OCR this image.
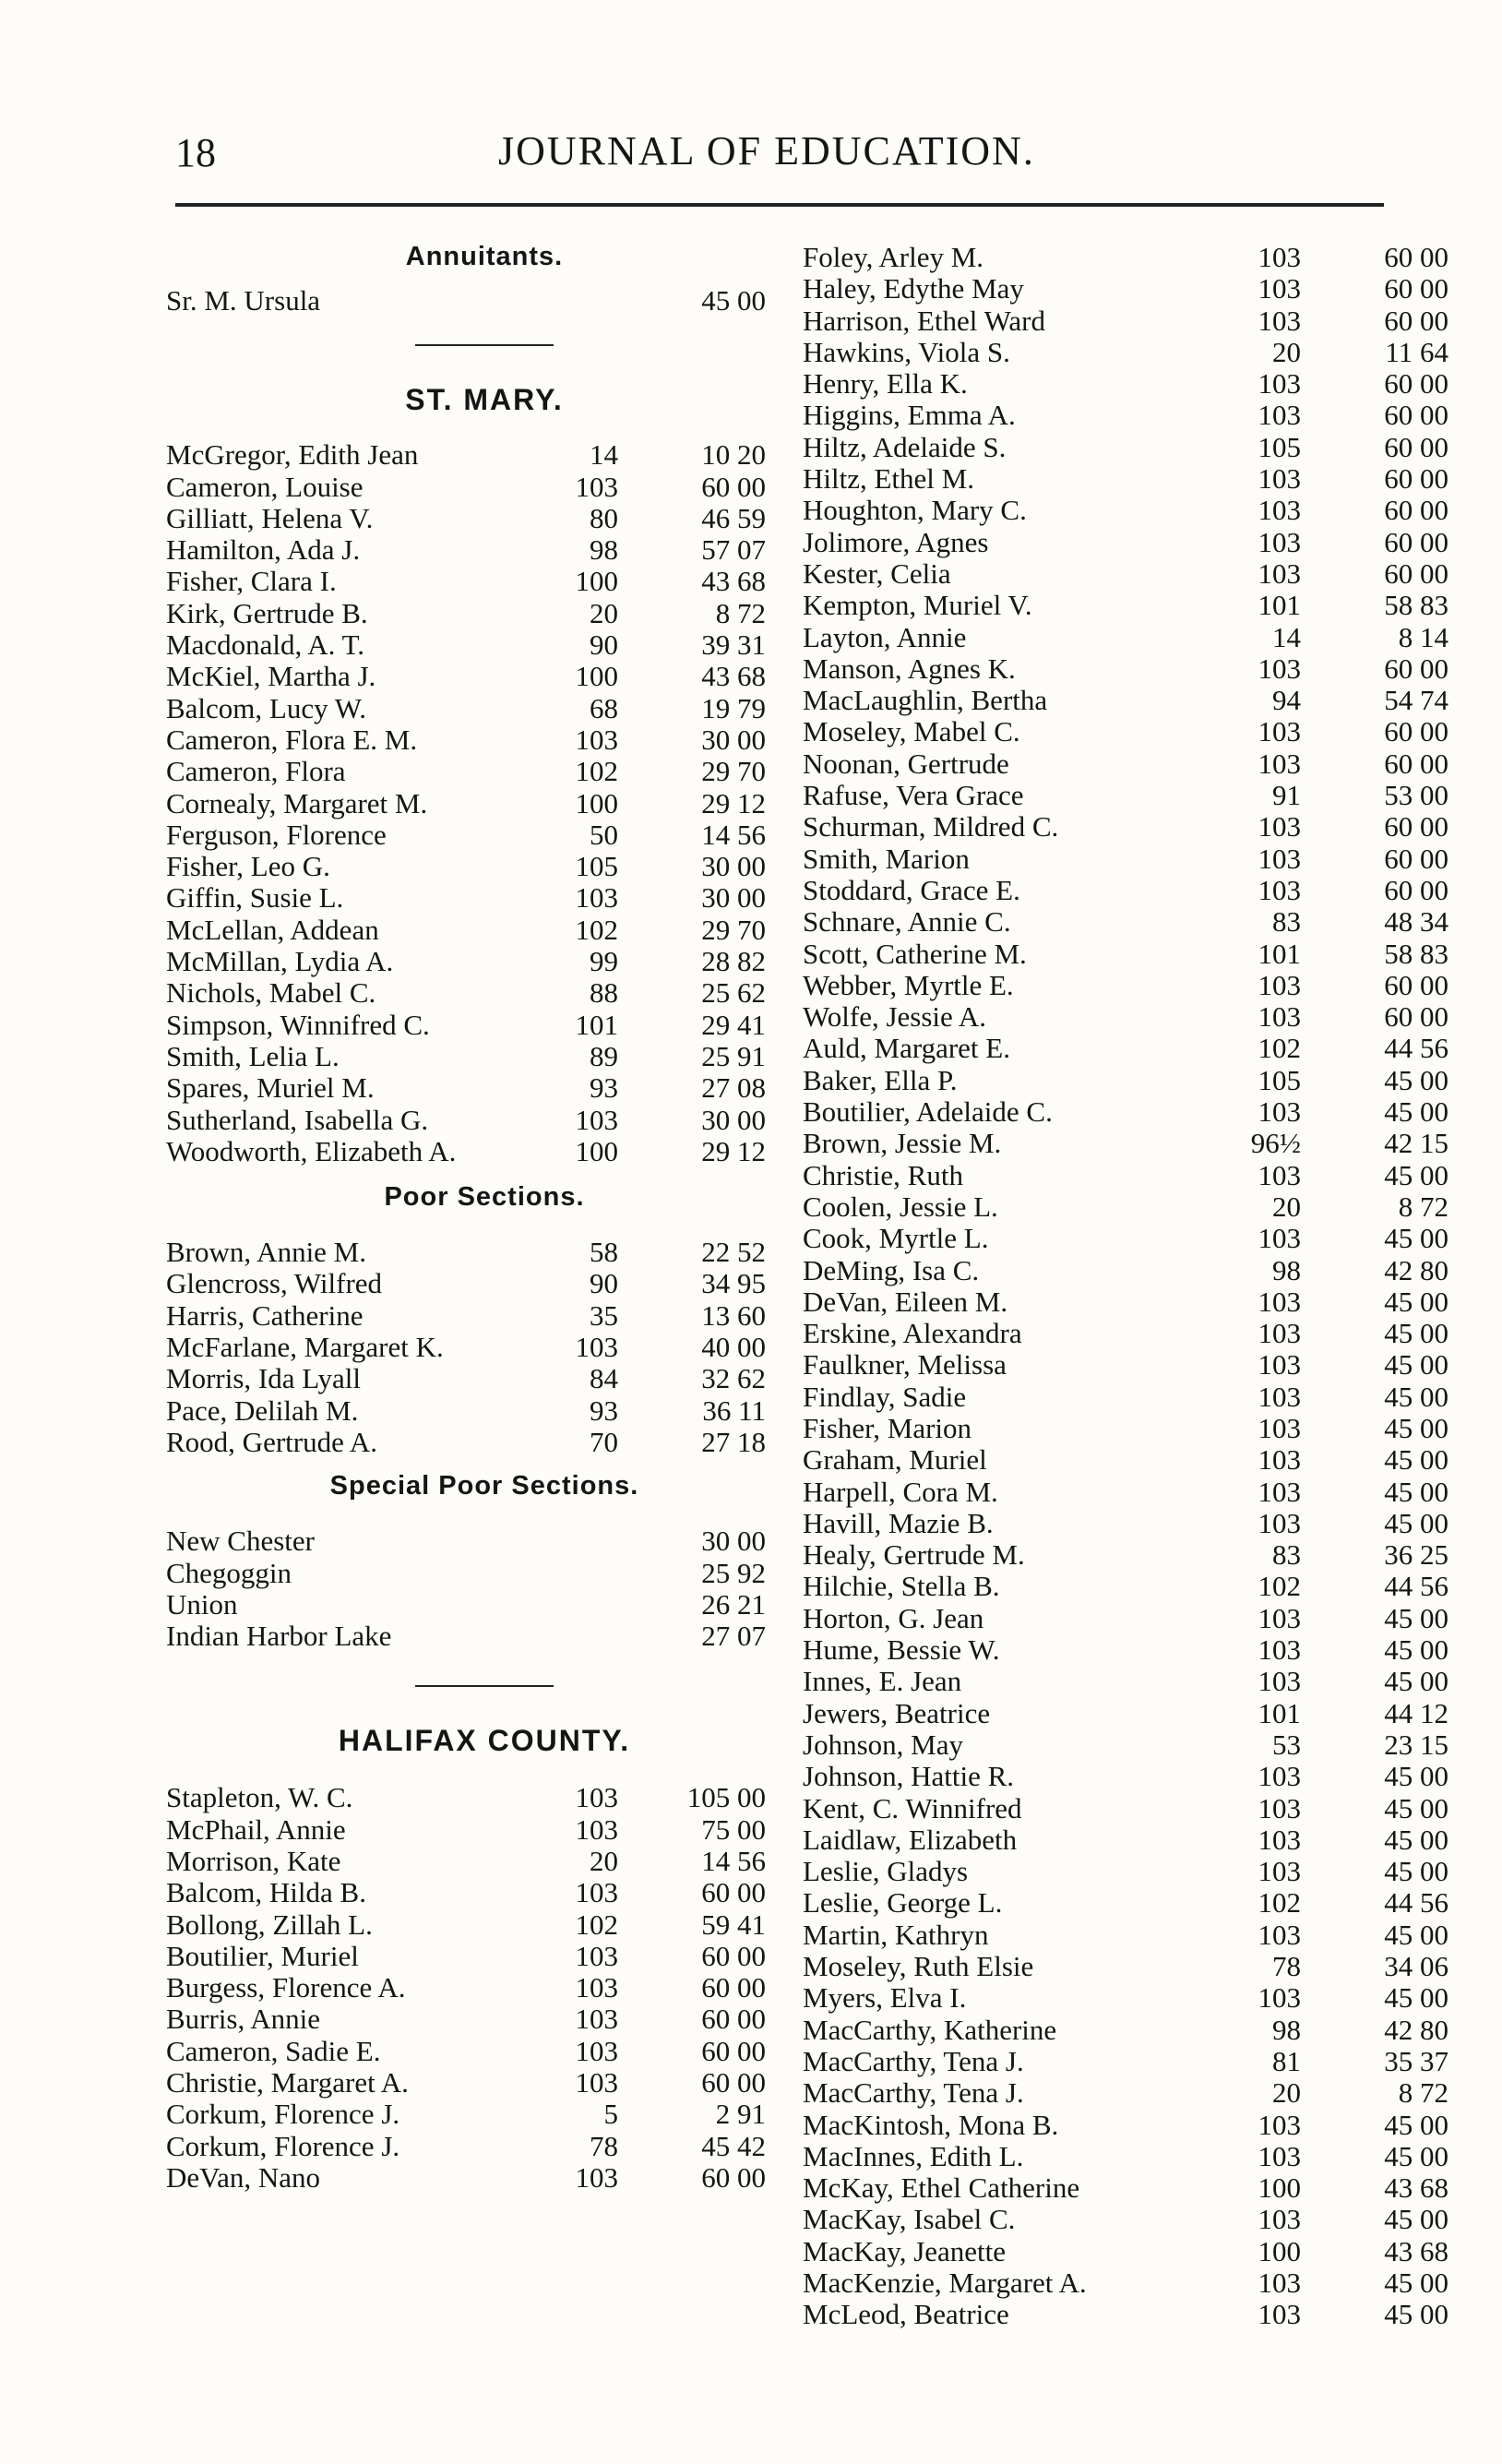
18	JOURNAL OF EDUCATION.
Annuitants.
Sr. M. Ursula	45 00
ST. MARY.
McGregor, Edith Jean	14	10 20
Cameron, Louise	103	60 00
Gilliatt, Helena V.	80	46 59
Hamilton, Ada J.	98	57 07
Fisher, Clara I.	100	43 68
Kirk, Gertrude B.	20	8 72
Macdonald, A. T.	90	39 31
McKiel, Martha J.	100	43 68
Balcom, Lucy W.	68	19 79
Cameron, Flora E. M.	103	30 00
Cameron, Flora	102	29 70
Cornealy, Margaret M.	100	29 12
Ferguson, Florence	50	14 56
Fisher, Leo G.	105	30 00
Giffin, Susie L.	103	30 00
McLellan, Addean	102	29 70
McMillan, Lydia A.	99	28 82
Nichols, Mabel C.	88	25 62
Simpson, Winnifred C.	101	29 41
Smith, Lelia L.	89	25 91
Spares, Muriel M.	93	27 08
Sutherland, Isabella G.	103	30 00
Woodworth, Elizabeth A.	100	29 12
Poor Sections.
Brown, Annie M.	58	22 52
Glencross, Wilfred	90	34 95
Harris, Catherine	35	13 60
McFarlane, Margaret K.	103	40 00
Morris, Ida Lyall	84	32 62
Pace, Delilah M.	93	36 11
Rood, Gertrude A.	70	27 18
Special Poor Sections.
New Chester	30 00
Chegoggin	25 92
Union	26 21
Indian Harbor Lake	27 07
HALIFAX COUNTY.
Stapleton, W. C.	103 105 00
McPhail, Annie	103	75 00
Morrison, Kate	20	14 56
Balcom, Hilda B.	103	60 00
Bollong, Zillah L.	102	59 41
Boutilier, Muriel	103	60 00
Burgess, Florence A.	103	60 00
Burris, Annie	103	60 00
Cameron, Sadie E.	103	60 00
Christie, Margaret A.	103	60 00
Corkum, Florence J.	5	2 91
Corkum, Florence J.	78	45 42
DeVan, Nano	103	60 00
Foley, Arley M.	103	60 00
Haley, Edythe May	103	60 00
Harrison, Ethel Ward	103	60 00
Hawkins, Viola S.	20	11 64
Henry, Ella K.	103	60 00
Higgins, Emma A.	103	60 00
Hiltz, Adelaide S.	105	60 00
Hiltz, Ethel M.	103	60 00
Houghton, Mary C.	103	60 00
Jolimore, Agnes	103	60 00
Kester, Celia	103	60 00
Kempton, Muriel V.	101	58 83
Layton, Annie	14	8 14
Manson, Agnes K.	103	60 00
MacLaughlin, Bertha	94	54 74
Moseley, Mabel C.	103	60 00
Noonan, Gertrude	103	60 00
Rafuse, Vera Grace	91	53 00
Schurman, Mildred C.	103	60 00
Smith, Marion	103	60 00
Stoddard, Grace E.	103	60 00
Schnare, Annie C.	83	48 34
Scott, Catherine M.	101	58 83
Webber, Myrtle E.	103	60 00
Wolfe, Jessie A.	103	60 00
Auld, Margaret E.	102	44 56
Baker, Ella P.	105	45 00
Boutilier, Adelaide C.	103	45 00
Brown, Jessie M.	96½	42 15
Christie, Ruth	103	45 00
Coolen, Jessie L.	20	8 72
Cook, Myrtle L.	103	45 00
DeMing, Isa C.	98	42 80
DeVan, Eileen M.	103	45 00
Erskine, Alexandra	103	45 00
Faulkner, Melissa	103	45 00
Findlay, Sadie	103	45 00
Fisher, Marion	103	45 00
Graham, Muriel	103	45 00
Harpell, Cora M.	103	45 00
Havill, Mazie B.	103	45 00
Healy, Gertrude M.	83	36 25
Hilchie, Stella B.	102	44 56
Horton, G. Jean	103	45 00
Hume, Bessie W.	103	45 00
Innes, E. Jean	103	45 00
Jewers, Beatrice	101	44 12
Johnson, May	53	23 15
Johnson, Hattie R.	103	45 00
Kent, C. Winnifred	103	45 00
Laidlaw, Elizabeth	103	45 00
Leslie, Gladys	103	45 00
Leslie, George L.	102	44 56
Martin, Kathryn	103	45 00
Moseley, Ruth Elsie	78	34 06
Myers, Elva I.	103	45 00
MacCarthy, Katherine	98	42 80
MacCarthy, Tena J.	81	35 37
MacCarthy, Tena J.	20	8 72
MacKintosh, Mona B.	103	45 00
MacInnes, Edith L.	103	45 00
McKay, Ethel Catherine	100	43 68
MacKay, Isabel C.	103	45 00
MacKay, Jeanette	100	43 68
MacKenzie, Margaret A.	103	45 00
McLeod, Beatrice	103	45 00
